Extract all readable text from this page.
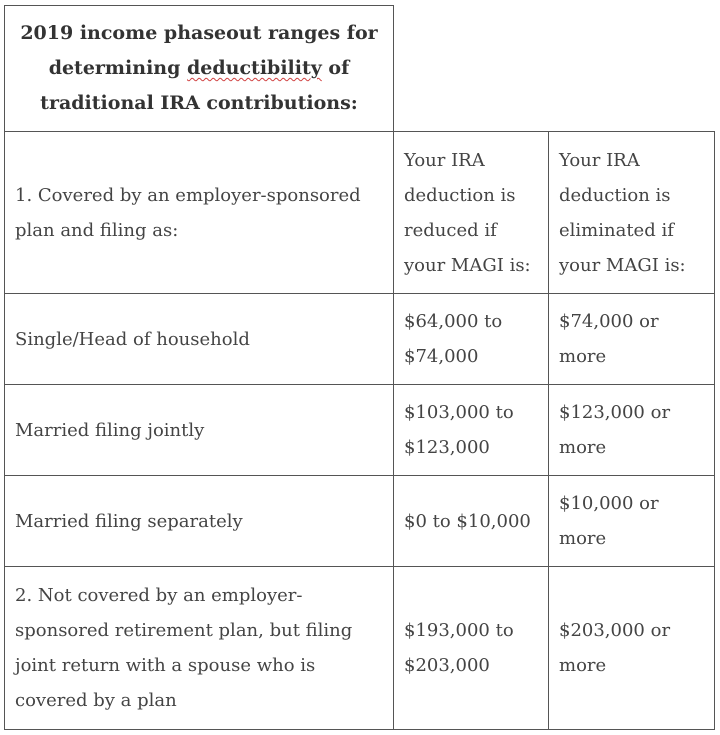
2019 income phaseout ranges for
determining deductibility of
traditional IRA contributions:
1. Covered by an employer-sponsored plan and filing as:
Your IRA deduction is reduced if your MAGI is:
Your IRA deduction is eliminated if your MAGI is:
Single/Head of household
$64,000 to $74,000
$74,000 or more
Married filing jointly
$103,000 to $123,000
$123,000 or more
Married filing separately	$0 to $10,000
$10,000 or more
2. Not covered by an employer-sponsored retirement plan, but filing joint return with a spouse who is covered by a plan
$193,000 to $203,000
$203,000 or more
